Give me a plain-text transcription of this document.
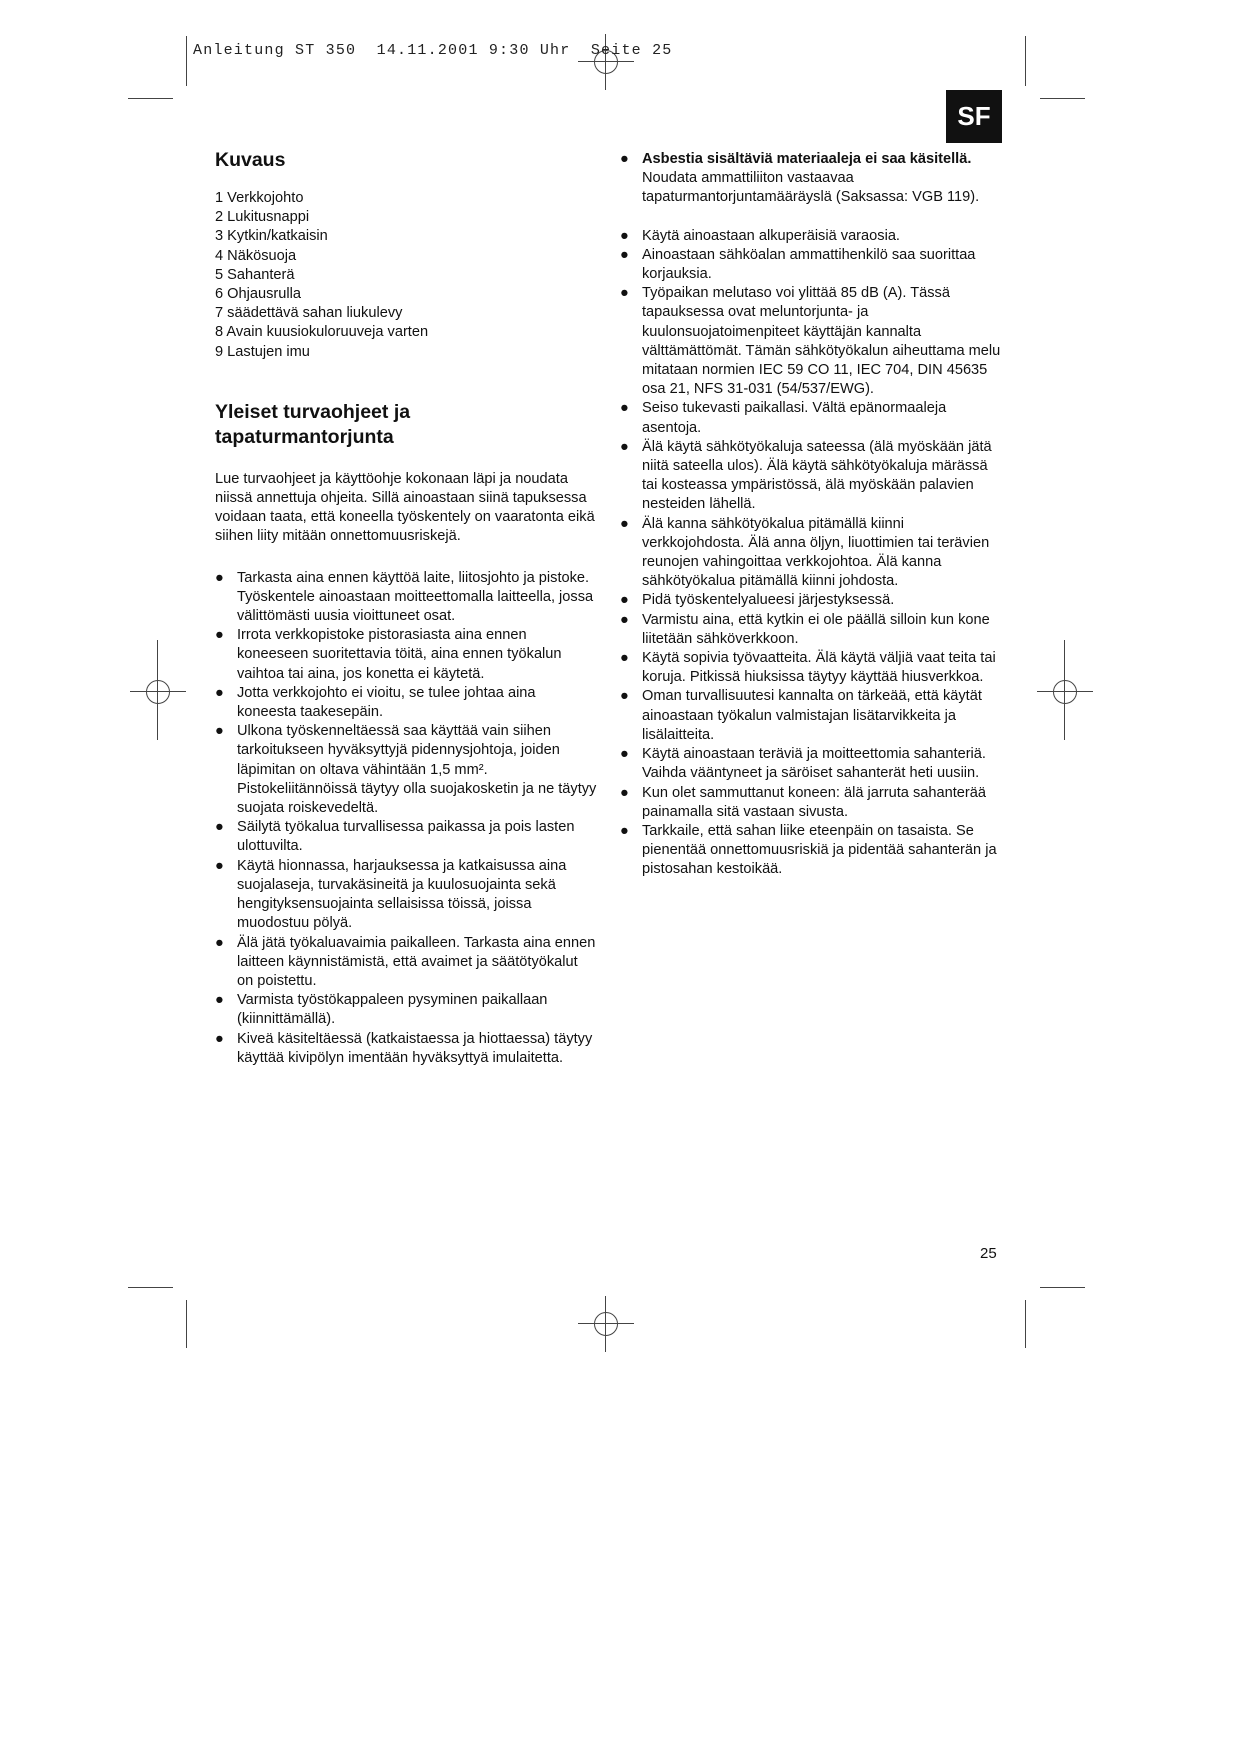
Anleitung ST 350  14.11.2001 9:30 Uhr  Seite 25
SF
Kuvaus
1 Verkkojohto
2 Lukitusnappi
3 Kytkin/katkaisin
4 Näkösuoja
5 Sahanterä
6 Ohjausrulla
7 säädettävä sahan liukulevy
8 Avain kuusiokuloruuveja varten
9 Lastujen imu
Yleiset turvaohjeet ja
tapaturmantorjunta

Lue turvaohjeet ja käyttöohje kokonaan läpi ja noudata niissä annettuja ohjeita. Sillä ainoastaan siinä tapuksessa voidaan taata, että koneella työskentely on vaaratonta eikä siihen liity mitään onnettomuusriskejä.

● Tarkasta aina ennen käyttöä laite, liitosjohto ja pistoke. Työskentele ainoastaan moitteettomalla laitteella, jossa välittömästi uusia vioittuneet osat.
● Irrota verkkopistoke pistorasiasta aina ennen koneeseen suoritettavia töitä, aina ennen työkalun vaihtoa tai aina, jos konetta ei käytetä.
● Jotta verkkojohto ei vioitu, se tulee johtaa aina koneesta taakesepäin.
● Ulkona työskenneltäessä saa käyttää vain siihen tarkoitukseen hyväksyttyjä pidennysjohtoja, joiden läpimitan on oltava vähintään 1,5 mm². Pistokeliitännöissä täytyy olla suojakosketin ja ne täytyy suojata roiskevedeltä.
● Säilytä työkalua turvallisessa paikassa ja pois lasten ulottuvilta.
● Käytä hionnassa, harjauksessa ja katkaisussa aina suojalaseja, turvakäsineitä ja kuulosuojainta sekä hengityksensuojainta sellaisissa töissä, joissa muodostuu pölyä.
● Älä jätä työkaluavaimia paikalleen. Tarkasta aina ennen laitteen käynnistämistä, että avaimet ja säätötyökalut on poistettu.
● Varmista työstökappaleen pysyminen paikallaan (kiinnittämällä).
● Kiveä käsiteltäessä (katkaistaessa ja hiottaessa) täytyy käyttää kivipölyn imentään hyväksyttyä imulaitetta.
● Asbestia sisältäviä materiaaleja ei saa käsitellä.
Noudata ammattiliiton vastaavaa tapaturmantorjuntamääräyslä (Saksassa: VGB 119).
● Käytä ainoastaan alkuperäisiä varaosia.
● Ainoastaan sähköalan ammattihenkilö saa suorittaa korjauksia.
● Työpaikan melutaso voi ylittää 85 dB (A). Tässä tapauksessa ovat meluntorjunta- ja kuulonsuojatoimenpiteet käyttäjän kannalta välttämättömät. Tämän sähkötyökalun aiheuttama melu mitataan normien IEC 59 CO 11, IEC 704, DIN 45635 osa 21, NFS 31-031 (54/537/EWG).
● Seiso tukevasti paikallasi. Vältä epänormaaleja asentoja.
● Älä käytä sähkötyökaluja sateessa (älä myöskään jätä niitä sateella ulos). Älä käytä sähkötyökaluja märässä tai kosteassa ympäristössä, älä myöskään palavien nesteiden lähellä.
● Älä kanna sähkötyökalua pitämällä kiinni verkkojohdosta. Älä anna öljyn, liuottimien tai terävien reunojen vahingoittaa verkkojohtoa. Älä kanna sähkötyökalua pitämällä kiinni johdosta.
● Pidä työskentelyalueesi järjestyksessä.
● Varmistu aina, että kytkin ei ole päällä silloin kun kone liitetään sähköverkkoon.
● Käytä sopivia työvaatteita. Älä käytä väljiä vaat teita tai koruja. Pitkissä hiuksissa täytyy käyttää hiusverkkoa.
● Oman turvallisuutesi kannalta on tärkeää, että käytät ainoastaan työkalun valmistajan lisätarvikkeita ja lisälaitteita.
● Käytä ainoastaan teräviä ja moitteettomia sahanteriä. Vaihda vääntyneet ja säröiset sahanterät heti uusiin.
● Kun olet sammuttanut koneen: älä jarruta sahanterää painamalla sitä vastaan sivusta.
● Tarkkaile, että sahan liike eteenpäin on tasaista. Se pienentää onnettomuusriskiä ja pidentää sahanterän ja pistosahan kestoikää.
25
